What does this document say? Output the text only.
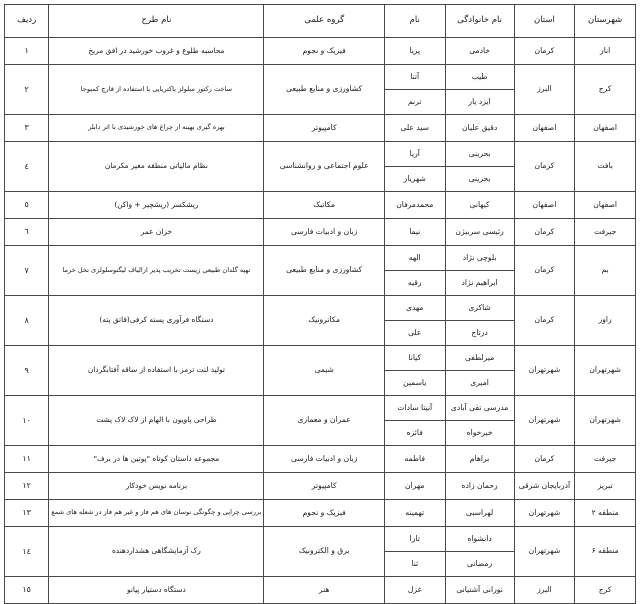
شهرستان	استان	نام خانوادگی	نام	گروه علمی	نام طرح	ردیف
انار	کرمان	خادمی	پریا	فیزیک و نجوم	محاسبه طلوع و غروب خورشید در افق مریخ	۱
کرج	البرز	طیب	آتنا	کشاورزی و منابع طبیعی	ساخت رکتور سلولز باکتریایی با استفاده از قارچ کمبوجا	۲
		ایزد یار	ترنم			
اصفهان	اصفهان	دقیق علیان	سید علی	کامپیوتر	بهره گیری بهینه از چراغ های خورشیدی با اثر دابلر	۳
بافت	کرمان	بحرینی	آریا	علوم اجتماعی و روانشناسی	نظام مالیاتی منطقه مغیر مکرمان	٤
		بحرینی	شهریار			
اصفهان	اصفهان	کیهانی	محمدمرفان	مکاتبک	ریشکسر (ریشچیر + واکن)	٥
جیرفت	کرمان	رئیسی سربیژن	نیما	زبان و ادبیات فارسی	خزان عمر	٦
بم	کرمان	بلوچی نژاد	الهه	کشاورزی و منابع طبیعی	تهیه گلدان طبیعی زیست تخریب پذیر ازالیاف لیگنوسلولزی نخل خرما	۷
		ابراهیم نژاد	رقیه			
راور	کرمان	شاکری	مهدی	مکاترونیک	دستگاه فرآوری پسته کرفی(قاتق پته)	۸
		درتاج	علی			
شهرتهران	شهرتهران	میرلطفی	کیانا	شیمی	تولید لنت ترمز با استفاده از ساقه آفتابگردان	۹
		امیری	یاسمین			
شهرتهران	شهرتهران	مدرسی تقی آبادی	آنیتا سادات	عمران و معماری	طراحی پاویون با الهام از لاک لاک پشت	۱۰
		خیرخواه	فائزه			
جیرفت	کرمان	براهام	فاطمه	زبان و ادبیات فارسی	مجموعه داستان کوتاه "پوتین ها در برف"	۱۱
تبریز	آذربایجان شرقی	رحمان زاده	مهران	کامپیوتر	برنامه نویس خودکار	۱۲
منطقه ۲	شهرتهران	لهراسبی	تهمینه	فیزیک و نجوم	بررسی چرایی و چگونگی نوسان های هم فاز و غیر هم فاز در شعله های شمع	۱۳
منطقه ۶	شهرتهران	دانشواه	تارا	برق و الکترونیک	رک آزمایشگاهی هشداردهنده	۱٤
		رمضانی	ثنا			
کرج	البرز	نورانی آشتیانی	غزل	هنر	دستگاه دستیار پیانو	۱٥
